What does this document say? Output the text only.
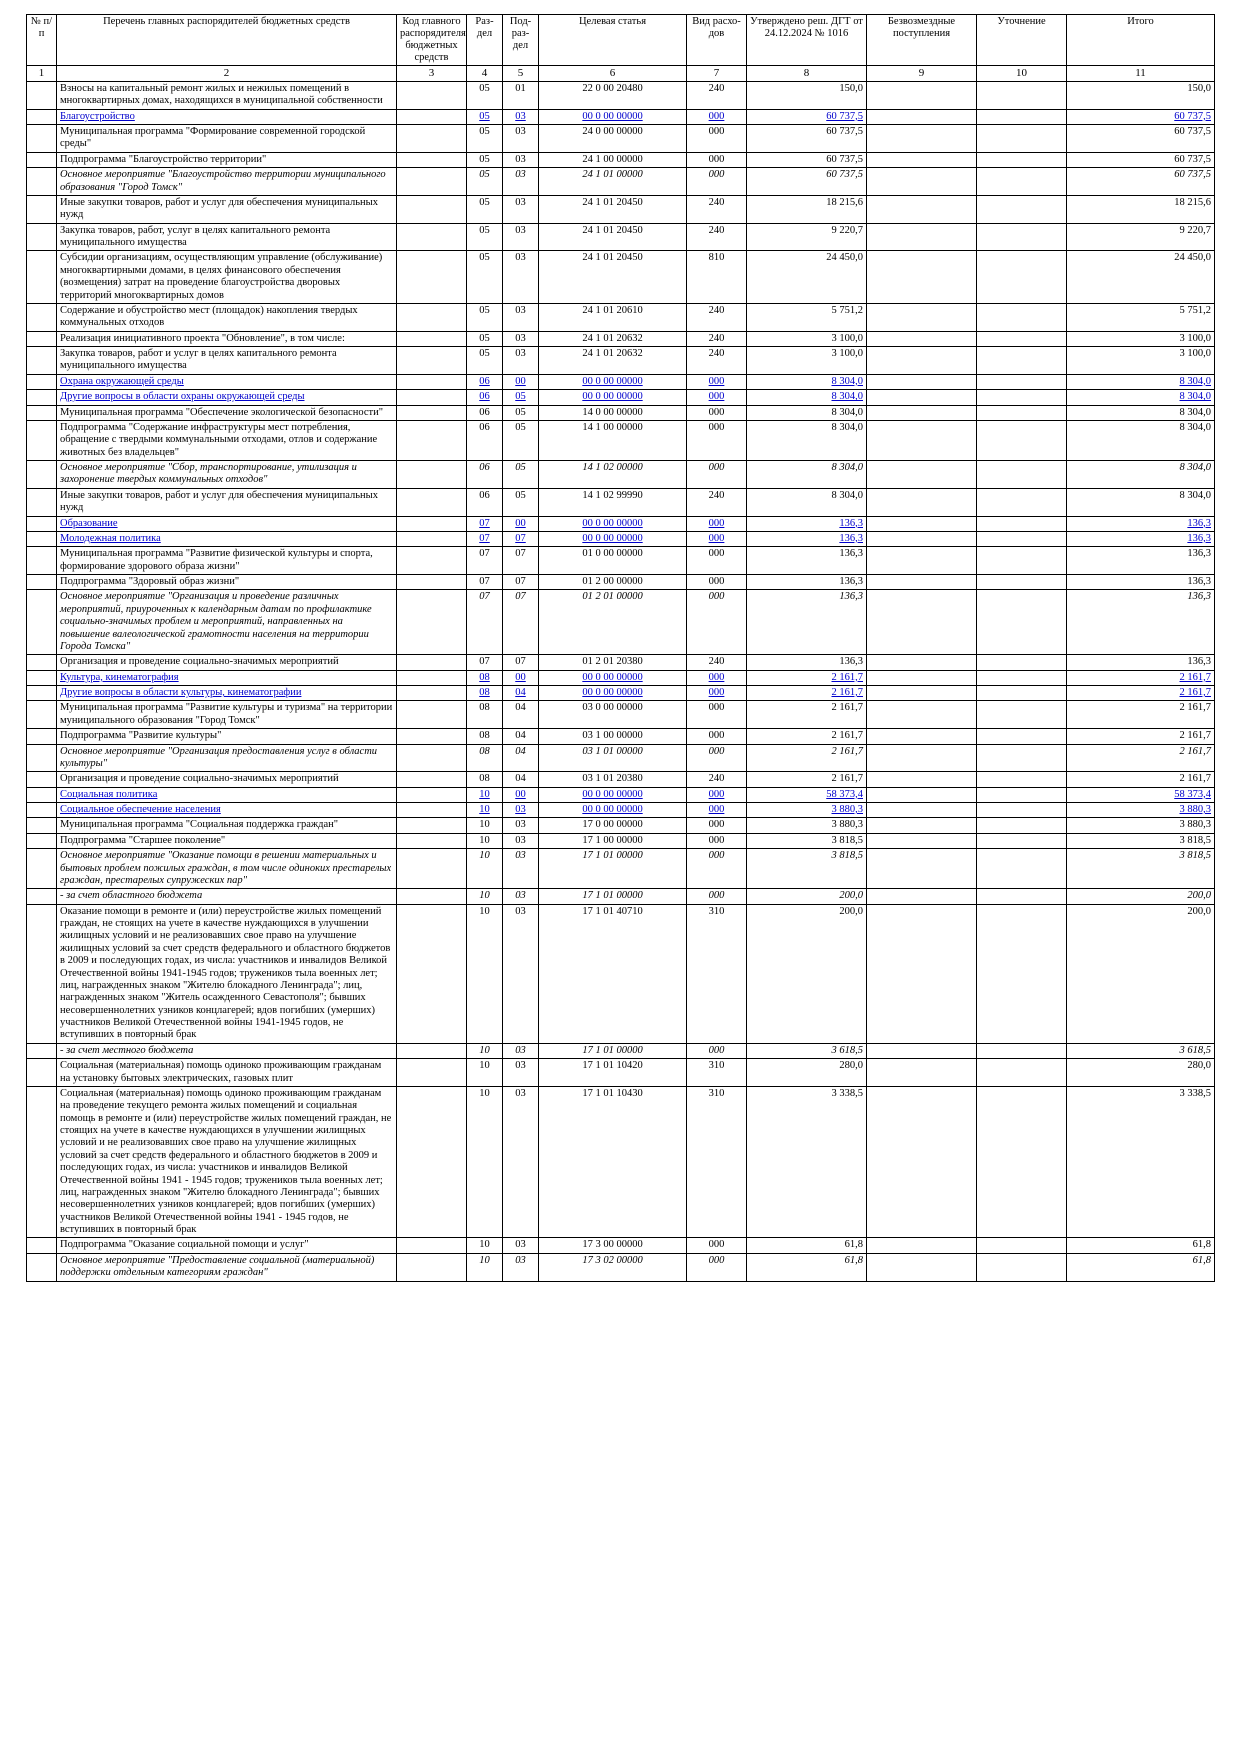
№ п/п	Перечень главных распорядителей бюджетных средств	Код главного распорядителя бюджетных средств	Раз-дел	Под-раз-дел	Целевая статья	Вид расхо-дов	Утверждено реш. ДГТ от 24.12.2024 № 1016	Безвозмездные поступления	Уточнение	Итого
1	2	3	4	5	6	7	8	9	10	11
	Взносы на капитальный ремонт жилых и нежилых помещений в многоквартирных домах, находящихся в муниципальной собственности		05	01	22 0 00 20480	240	150,0			150,0
	Благоустройство		05	03	00 0 00 00000	000	60 737,5			60 737,5
	Муниципальная программа "Формирование современной городской среды"		05	03	24 0 00 00000	000	60 737,5			60 737,5
	Подпрограмма "Благоустройство территории"		05	03	24 1 00 00000	000	60 737,5			60 737,5
	Основное мероприятие "Благоустройство территории муниципального образования "Город Томск"		05	03	24 1 01 00000	000	60 737,5			60 737,5
	Иные закупки товаров, работ и услуг для обеспечения муниципальных нужд		05	03	24 1 01 20450	240	18 215,6			18 215,6
	Закупка товаров, работ, услуг в целях капитального ремонта муниципального имущества		05	03	24 1 01 20450	240	9 220,7			9 220,7
	Субсидии организациям, осуществляющим управление (обслуживание) многоквартирными домами, в целях финансового обеспечения (возмещения) затрат на проведение благоустройства дворовых территорий многоквартирных домов		05	03	24 1 01 20450	810	24 450,0			24 450,0
	Содержание и обустройство мест (площадок) накопления твердых коммунальных отходов		05	03	24 1 01 20610	240	5 751,2			5 751,2
	Реализация инициативного проекта "Обновление", в том числе:		05	03	24 1 01 20632	240	3 100,0			3 100,0
	Закупка товаров, работ и услуг в целях капитального ремонта муниципального имущества		05	03	24 1 01 20632	240	3 100,0			3 100,0
	Охрана окружающей среды		06	00	00 0 00 00000	000	8 304,0			8 304,0
	Другие вопросы в области охраны окружающей среды		06	05	00 0 00 00000	000	8 304,0			8 304,0
	Муниципальная программа "Обеспечение экологической безопасности"		06	05	14 0 00 00000	000	8 304,0			8 304,0
	Подпрограмма "Содержание инфраструктуры мест потребления, обращение с твердыми коммунальными отходами, отлов и содержание животных без владельцев"		06	05	14 1 00 00000	000	8 304,0			8 304,0
	Основное мероприятие "Сбор, транспортирование, утилизация и захоронение твердых коммунальных отходов"		06	05	14 1 02 00000	000	8 304,0			8 304,0
	Иные закупки товаров, работ и услуг для обеспечения муниципальных нужд		06	05	14 1 02 99990	240	8 304,0			8 304,0
	Образование		07	00	00 0 00 00000	000	136,3			136,3
	Молодежная политика		07	07	00 0 00 00000	000	136,3			136,3
	Муниципальная программа "Развитие физической культуры и спорта, формирование здорового образа жизни"		07	07	01 0 00 00000	000	136,3			136,3
	Подпрограмма "Здоровый образ жизни"		07	07	01 2 00 00000	000	136,3			136,3
	Основное мероприятие "Организация и проведение различных мероприятий, приуроченных к календарным датам по профилактике социально-значимых проблем и мероприятий, направленных на повышение валеологической грамотности населения на территории Города Томска"		07	07	01 2 01 00000	000	136,3			136,3
	Организация и проведение социально-значимых мероприятий		07	07	01 2 01 20380	240	136,3			136,3
	Культура, кинематография		08	00	00 0 00 00000	000	2 161,7			2 161,7
	Другие вопросы в области культуры, кинематографии		08	04	00 0 00 00000	000	2 161,7			2 161,7
	Муниципальная программа "Развитие культуры и туризма" на территории муниципального образования "Город Томск"		08	04	03 0 00 00000	000	2 161,7			2 161,7
	Подпрограмма "Развитие культуры"		08	04	03 1 00 00000	000	2 161,7			2 161,7
	Основное мероприятие "Организация предоставления услуг в области культуры"		08	04	03 1 01 00000	000	2 161,7			2 161,7
	Организация и проведение социально-значимых мероприятий		08	04	03 1 01 20380	240	2 161,7			2 161,7
	Социальная политика		10	00	00 0 00 00000	000	58 373,4			58 373,4
	Социальное обеспечение населения		10	03	00 0 00 00000	000	3 880,3			3 880,3
	Муниципальная программа "Социальная поддержка граждан"		10	03	17 0 00 00000	000	3 880,3			3 880,3
	Подпрограмма "Старшее поколение"		10	03	17 1 00 00000	000	3 818,5			3 818,5
	Основное мероприятие "Оказание помощи в решении материальных и бытовых проблем пожилых граждан, в том числе одиноких престарелых граждан, престарелых супружеских пар"		10	03	17 1 01 00000	000	3 818,5			3 818,5
	- за счет областного бюджета		10	03	17 1 01 00000	000	200,0			200,0
	Оказание помощи в ремонте и (или) переустройстве жилых помещений граждан, не стоящих на учете в качестве нуждающихся в улучшении жилищных условий и не реализовавших свое право на улучшение жилищных условий за счет средств федерального и областного бюджетов в 2009 и последующих годах, из числа: участников и инвалидов Великой Отечественной войны 1941-1945 годов; тружеников тыла военных лет; лиц, награжденных знаком "Жителю блокадного Ленинграда"; лиц, награжденных знаком "Житель осажденного Севастополя"; бывших несовершеннолетних узников концлагерей; вдов погибших (умерших) участников Великой Отечественной войны 1941-1945 годов, не вступивших в повторный брак		10	03	17 1 01 40710	310	200,0			200,0
	- за счет местного бюджета		10	03	17 1 01 00000	000	3 618,5			3 618,5
	Социальная (материальная) помощь одиноко проживающим гражданам на установку бытовых электрических, газовых плит		10	03	17 1 01 10420	310	280,0			280,0
	Социальная (материальная) помощь одиноко проживающим гражданам на проведение текущего ремонта жилых помещений и социальная помощь в ремонте и (или) переустройстве жилых помещений граждан, не стоящих на учете в качестве нуждающихся в улучшении жилищных условий и не реализовавших свое право на улучшение жилищных условий за счет средств федерального и областного бюджетов в 2009 и последующих годах, из числа: участников и инвалидов Великой Отечественной войны 1941 - 1945 годов; тружеников тыла военных лет; лиц, награжденных знаком "Жителю блокадного Ленинграда"; бывших несовершеннолетних узников концлагерей; вдов погибших (умерших) участников Великой Отечественной войны 1941 - 1945 годов, не вступивших в повторный брак		10	03	17 1 01 10430	310	3 338,5			3 338,5
	Подпрограмма "Оказание социальной помощи и услуг"		10	03	17 3 00 00000	000	61,8			61,8
	Основное мероприятие "Предоставление социальной (материальной) поддержки отдельным категориям граждан"		10	03	17 3 02 00000	000	61,8			61,8
